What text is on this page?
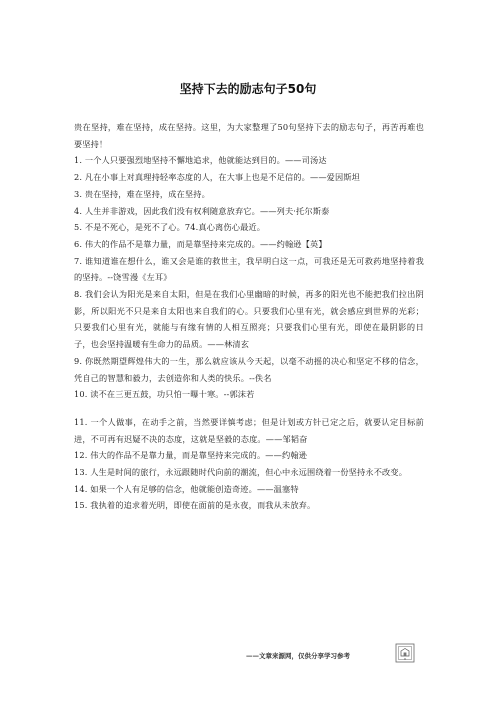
坚持下去的励志句子50句

贵在坚持，难在坚持，成在坚持。这里，为大家整理了50句坚持下去的励志句子，再苦再难也要坚持！

1. 一个人只要强烈地坚持不懈地追求，他就能达到目的。——司汤达

2. 凡在小事上对真理持轻率态度的人，在大事上也是不足信的。——爱因斯坦

3. 贵在坚持，难在坚持，成在坚持。

4. 人生并非游戏，因此我们没有权利随意放弃它。——列夫·托尔斯泰

5. 不是不死心，是死不了心。74.真心离伤心最近。

6. 伟大的作品不是靠力量，而是靠坚持来完成的。——约翰逊【英】

7. 谁知道谁在想什么，谁又会是谁的救世主，我早明白这一点，可我还是无可救药地坚持着我的坚持。--饶雪漫《左耳》

8. 我们会认为阳光是来自太阳，但是在我们心里幽暗的时候，再多的阳光也不能把我们拉出阴影，所以阳光不只是来自太阳也来自我们的心。只要我们心里有光，就会感应到世界的光彩；只要我们心里有光，就能与有缘有情的人相互照亮；只要我们心里有光，即使在最阴影的日子，也会坚持温暖有生命力的品质。——林清玄

9. 你既然期望辉煌伟大的一生，那么就应该从今天起，以毫不动摇的决心和坚定不移的信念，凭自己的智慧和毅力，去创造你和人类的快乐。--佚名

10. 读不在三更五鼓，功只怕一曝十寒。--郭沫若

11. 一个人做事，在动手之前，当然要详慎考虑；但是计划或方针已定之后，就要认定目标前进，不可再有迟疑不决的态度，这就是坚毅的态度。——邹韬奋

12. 伟大的作品不是靠力量，而是靠坚持来完成的。——约翰逊

13. 人生是时间的旅行，永远跟随时代向前的潮流，但心中永远围绕着一份坚持永不改变。

14. 如果一个人有足够的信念，他就能创造奇迹。——温塞特

15. 我执着的追求着光明，即使在面前的是永夜，而我从未放弃。

——文章来源网，仅供分享学习参考
